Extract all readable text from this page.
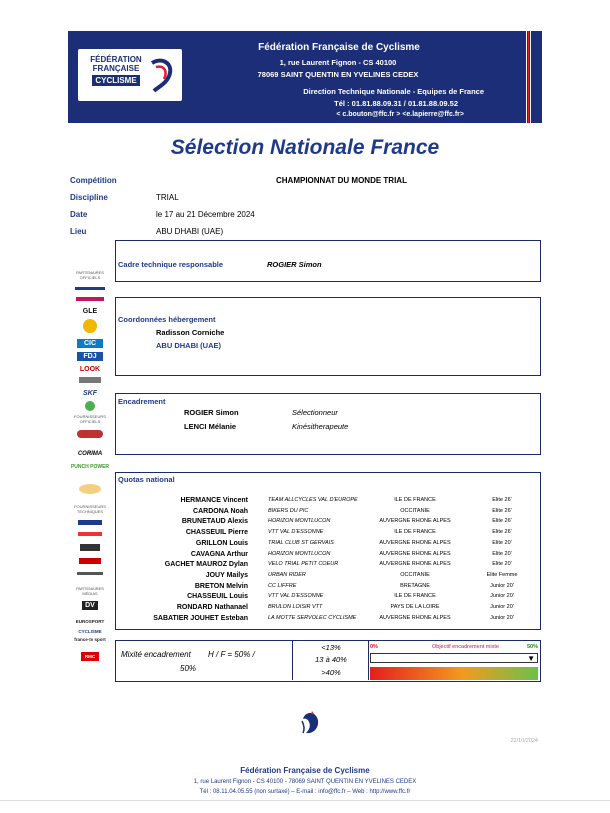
FÉDÉRATION
FRANÇAISE
CYCLISME
Fédération Française de Cyclisme
1, rue Laurent Fignon - CS 40100
78069 SAINT QUENTIN EN YVELINES CEDEX
Direction Technique Nationale - Equipes de France
Tél : 01.81.88.09.31 / 01.81.88.09.52
< c.bouton@ffc.fr > <e.lapierre@ffc.fr>
Sélection Nationale France
Compétition	CHAMPIONNAT DU MONDE TRIAL
Discipline	TRIAL
Date	le 17 au 21 Décembre 2024
Lieu	ABU DHABI (UAE)
PARTENAIRES OFFICIELS
GLE
CIC
FDJ
LOOK
SKF
FOURNISSEURS OFFICIELS
CORIMA
PUNCH POWER
FOURNISSEURS TECHNIQUES
PARTENAIRES MÉDIAS
DV
EUROSPORT
CYCLISME
france·tv sport
RMC
Cadre technique responsable	ROGIER Simon
Coordonnées hébergement
Radisson Corniche
ABU DHABI (UAE)
Encadrement
ROGIER Simon	Sélectionneur
LENCI Mélanie	Kinésitherapeute
Quotas national
HERMANCE Vincent	TEAM ALLCYCLES VAL D'EUROPE	ILE DE FRANCE	Elite 26'
CARDONA Noah	BIKERS DU PIC	OCCITANIE	Elite 26'
BRUNETAUD Alexis	HORIZON MONTLUCON	AUVERGNE RHONE ALPES	Elite 26'
CHASSEUIL Pierre	VTT VAL D'ESSONNE	ILE DE FRANCE	Elite 26'
GRILLON Louis	TRIAL CLUB ST GERVAIS	AUVERGNE RHONE ALPES	Elite 20'
CAVAGNA Arthur	HORIZON MONTLUCON	AUVERGNE RHONE ALPES	Elite 20'
GACHET MAUROZ Dylan	VELO TRIAL PETIT COEUR	AUVERGNE RHONE ALPES	Elite 20'
JOUY Mailys	URBAN RIDER	OCCITANIE	Elite Femme
BRETON Melvin	CC LIFFRE	BRETAGNE	Junior 20'
CHASSEUIL Louis	VTT VAL D'ESSONNE	ILE DE FRANCE	Junior 20'
RONDARD Nathanael	BRULON LOISIR VTT	PAYS DE LA LOIRE	Junior 20'
SABATIER JOUHET Esteban	LA MOTTE SERVOLEC CYCLISME	AUVERGNE RHONE ALPES	Junior 20'
Mixité encadrement H / F = 50% /
50%
<13%
13 à 40%
>40%
0%	Objectif encadrement mixte	50%
▼
22/10/2024
Fédération Française de Cyclisme
1, rue Laurent Fignon - CS 40100 - 78069 SAINT QUENTIN EN YVELINES CEDEX
Tél : 08.11.04.05.55 (non surtaxé) – E-mail : info@ffc.fr – Web : http://www.ffc.fr
